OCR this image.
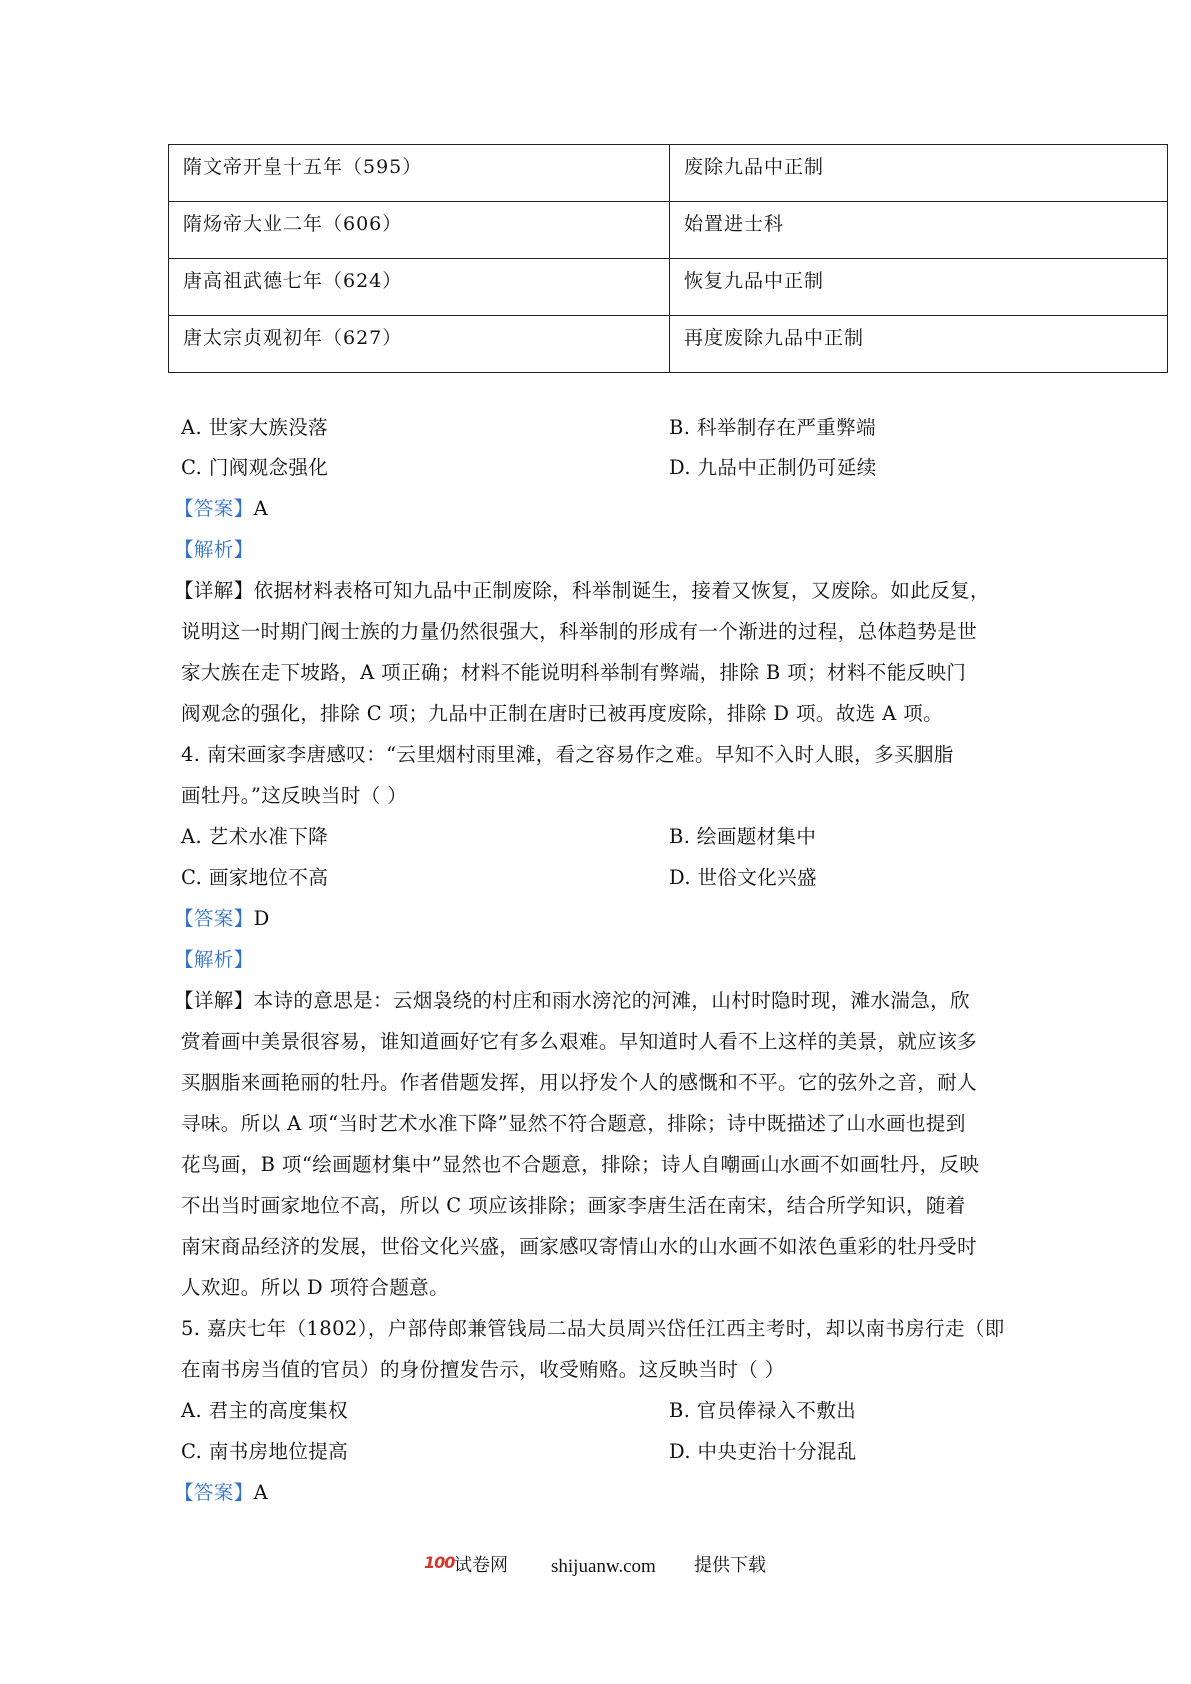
隋文帝开皇十五年（595）	废除九品中正制

隋炀帝大业二年（606）	始置进士科

唐高祖武德七年（624）	恢复九品中正制

唐太宗贞观初年（627）	再度废除九品中正制
A. 世家大族没落	B. 科举制存在严重弊端
C. 门阀观念强化	D. 九品中正制仍可延续
【答案】A
【解析】
【详解】依据材料表格可知九品中正制废除，科举制诞生，接着又恢复，又废除。如此反复，
说明这一时期门阀士族的力量仍然很强大，科举制的形成有一个渐进的过程，总体趋势是世
家大族在走下坡路，A 项正确；材料不能说明科举制有弊端，排除 B 项；材料不能反映门
阀观念的强化，排除 C 项；九品中正制在唐时已被再度废除，排除 D 项。故选 A 项。
4. 南宋画家李唐感叹：“云里烟村雨里滩，看之容易作之难。早知不入时人眼，多买胭脂
画牡丹。”这反映当时（ ）
A. 艺术水准下降	B. 绘画题材集中
C. 画家地位不高	D. 世俗文化兴盛
【答案】D
【解析】
【详解】本诗的意思是：云烟袅绕的村庄和雨水滂沱的河滩，山村时隐时现，滩水湍急，欣
赏着画中美景很容易，谁知道画好它有多么艰难。早知道时人看不上这样的美景，就应该多
买胭脂来画艳丽的牡丹。作者借题发挥，用以抒发个人的感慨和不平。它的弦外之音，耐人
寻味。所以 A 项“当时艺术水准下降”显然不符合题意，排除；诗中既描述了山水画也提到
花鸟画，B 项“绘画题材集中”显然也不合题意，排除；诗人自嘲画山水画不如画牡丹，反映
不出当时画家地位不高，所以 C 项应该排除；画家李唐生活在南宋，结合所学知识，随着
南宋商品经济的发展，世俗文化兴盛，画家感叹寄情山水的山水画不如浓色重彩的牡丹受时
人欢迎。所以 D 项符合题意。
5. 嘉庆七年（1802），户部侍郎兼管钱局二品大员周兴岱任江西主考时，却以南书房行走（即
在南书房当值的官员）的身份擅发告示，收受贿赂。这反映当时（ ）
A. 君主的高度集权	B. 官员俸禄入不敷出
C. 南书房地位提高	D. 中央吏治十分混乱
【答案】A
100 试卷网 shijuanw.com 提供下载
